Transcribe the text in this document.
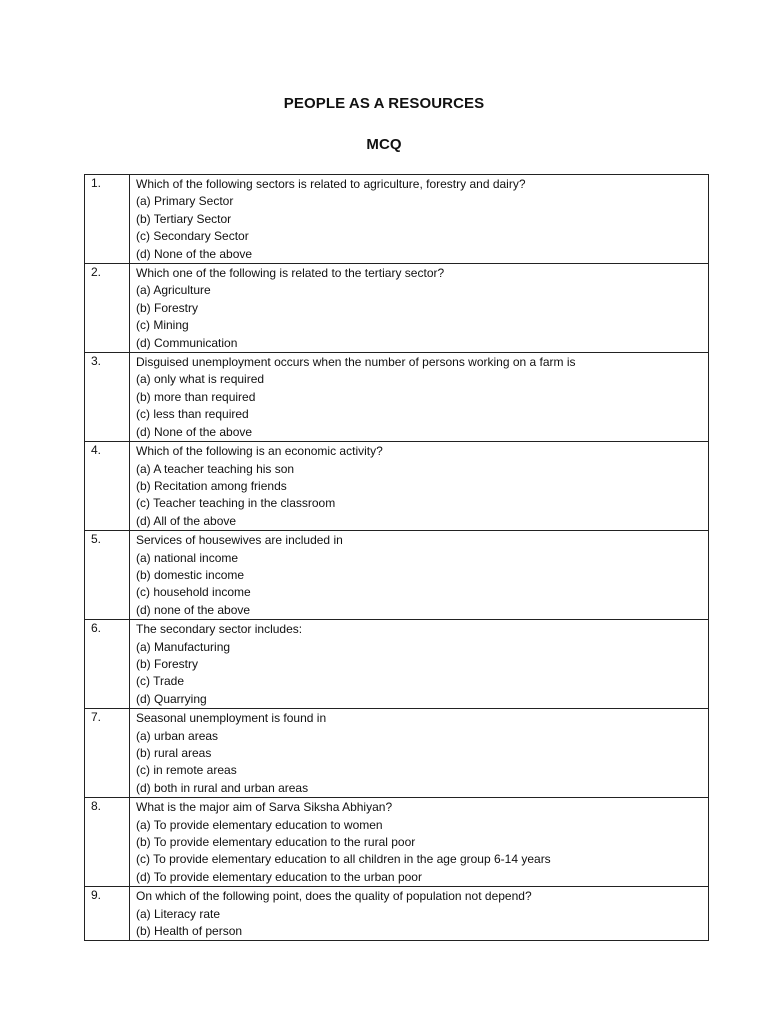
PEOPLE AS A RESOURCES
MCQ
1.	Which of the following sectors is related to agriculture, forestry and dairy?
(a) Primary Sector
(b) Tertiary Sector
(c) Secondary Sector
(d) None of the above

2.	Which one of the following is related to the tertiary sector?
(a) Agriculture
(b) Forestry
(c) Mining
(d) Communication

3.	Disguised unemployment occurs when the number of persons working on a farm is
(a) only what is required
(b) more than required
(c) less than required
(d) None of the above

4.	Which of the following is an economic activity?
(a) A teacher teaching his son
(b) Recitation among friends
(c) Teacher teaching in the classroom
(d) All of the above

5.	Services of housewives are included in
(a) national income
(b) domestic income
(c) household income
(d) none of the above

6.	The secondary sector includes:
(a) Manufacturing
(b) Forestry
(c) Trade
(d) Quarrying

7.	Seasonal unemployment is found in
(a) urban areas
(b) rural areas
(c) in remote areas
(d) both in rural and urban areas

8.	What is the major aim of Sarva Siksha Abhiyan?
(a) To provide elementary education to women
(b) To provide elementary education to the rural poor
(c) To provide elementary education to all children in the age group 6-14 years
(d) To provide elementary education to the urban poor

9.	On which of the following point, does the quality of population not depend?
(a) Literacy rate
(b) Health of person
